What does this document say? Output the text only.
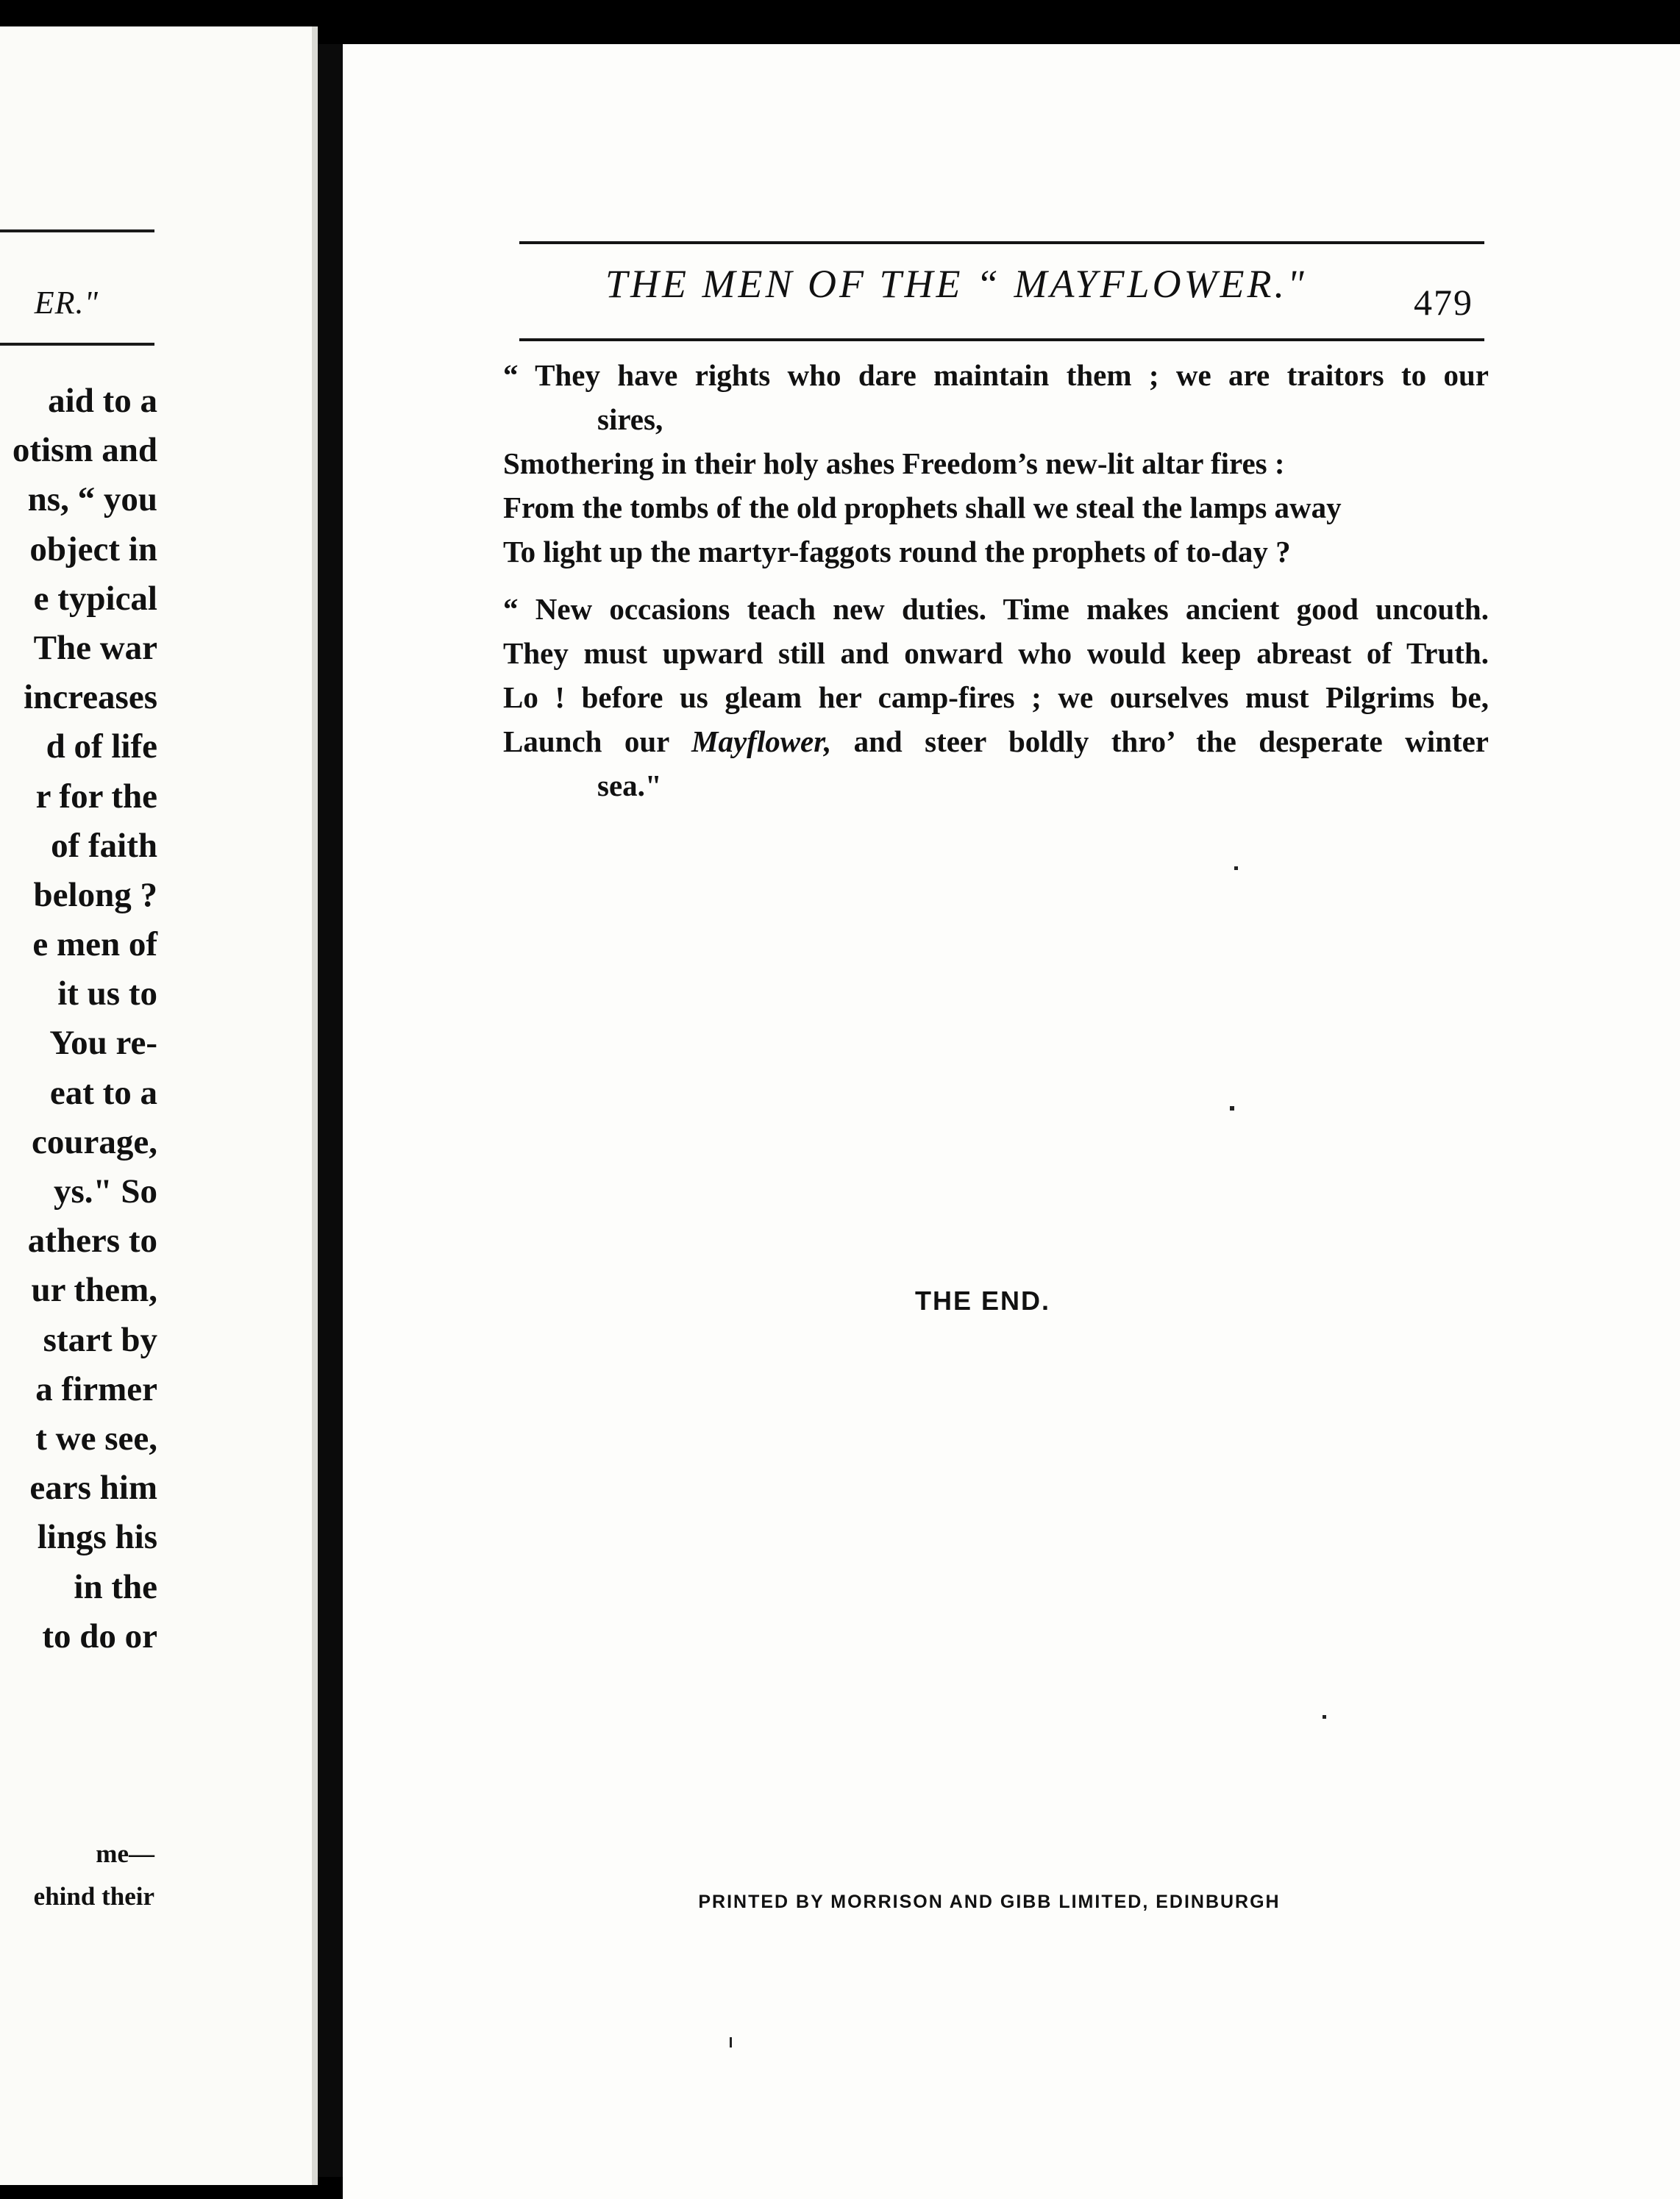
ER."
aid to a
otism and
ns, “ you
object in
e typical
The war
increases
d of life
r for the
of faith
belong ?
e men of
it us to
You re-
eat to a
courage,
ys." So
athers to
ur them,
start by
a firmer
t we see,
ears him
lings his
in the
to do or
me—
ehind their
THE MEN OF THE “ MAYFLOWER."	479
“ They have rights who dare maintain them ; we are traitors to our
sires,
Smothering in their holy ashes Freedom’s new-lit altar fires :
From the tombs of the old prophets shall we steal the lamps away
To light up the martyr-faggots round the prophets of to-day ?
“ New occasions teach new duties. Time makes ancient good uncouth.
They must upward still and onward who would keep abreast of Truth.
Lo ! before us gleam her camp-fires ; we ourselves must Pilgrims be,
Launch our Mayflower, and steer boldly thro’ the desperate winter
sea."
THE END.
PRINTED BY MORRISON AND GIBB LIMITED, EDINBURGH
